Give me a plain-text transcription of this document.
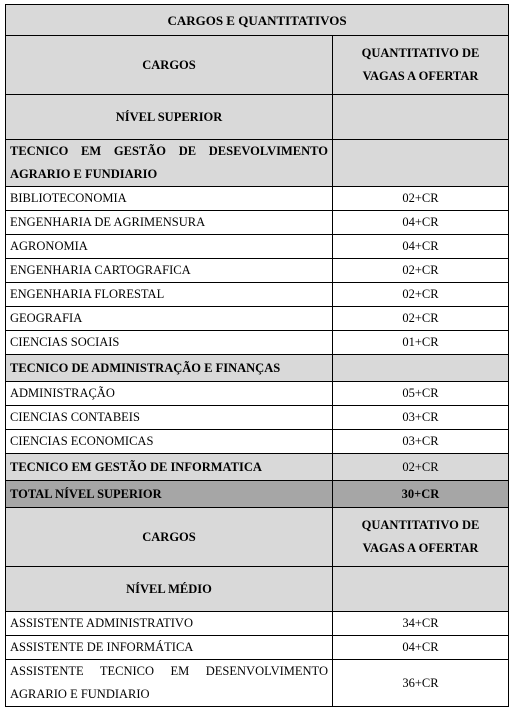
CARGOS E QUANTITATIVOS	
CARGOS	QUANTITATIVO DE
VAGAS A OFERTAR

NÍVEL SUPERIOR	

TECNICO EM GESTÃO DE DESEVOLVIMENTO
AGRARIO E FUNDIARIO	

BIBLIOTECONOMIA	02+CR
ENGENHARIA DE AGRIMENSURA	04+CR
AGRONOMIA	04+CR
ENGENHARIA CARTOGRAFICA	02+CR
ENGENHARIA FLORESTAL	02+CR
GEOGRAFIA	02+CR
CIENCIAS SOCIAIS	01+CR
TECNICO DE ADMINISTRAÇÃO E FINANÇAS	
ADMINISTRAÇÃO	05+CR
CIENCIAS CONTABEIS	03+CR
CIENCIAS ECONOMICAS	03+CR
TECNICO EM GESTÃO DE INFORMATICA	02+CR
TOTAL NÍVEL SUPERIOR	30+CR
CARGOS	QUANTITATIVO DE
VAGAS A OFERTAR

NÍVEL MÉDIO	
ASSISTENTE ADMINISTRATIVO	34+CR
ASSISTENTE DE INFORMÁTICA	04+CR

ASSISTENTE TECNICO EM DESENVOLVIMENTO
AGRARIO E FUNDIARIO	36+CR
